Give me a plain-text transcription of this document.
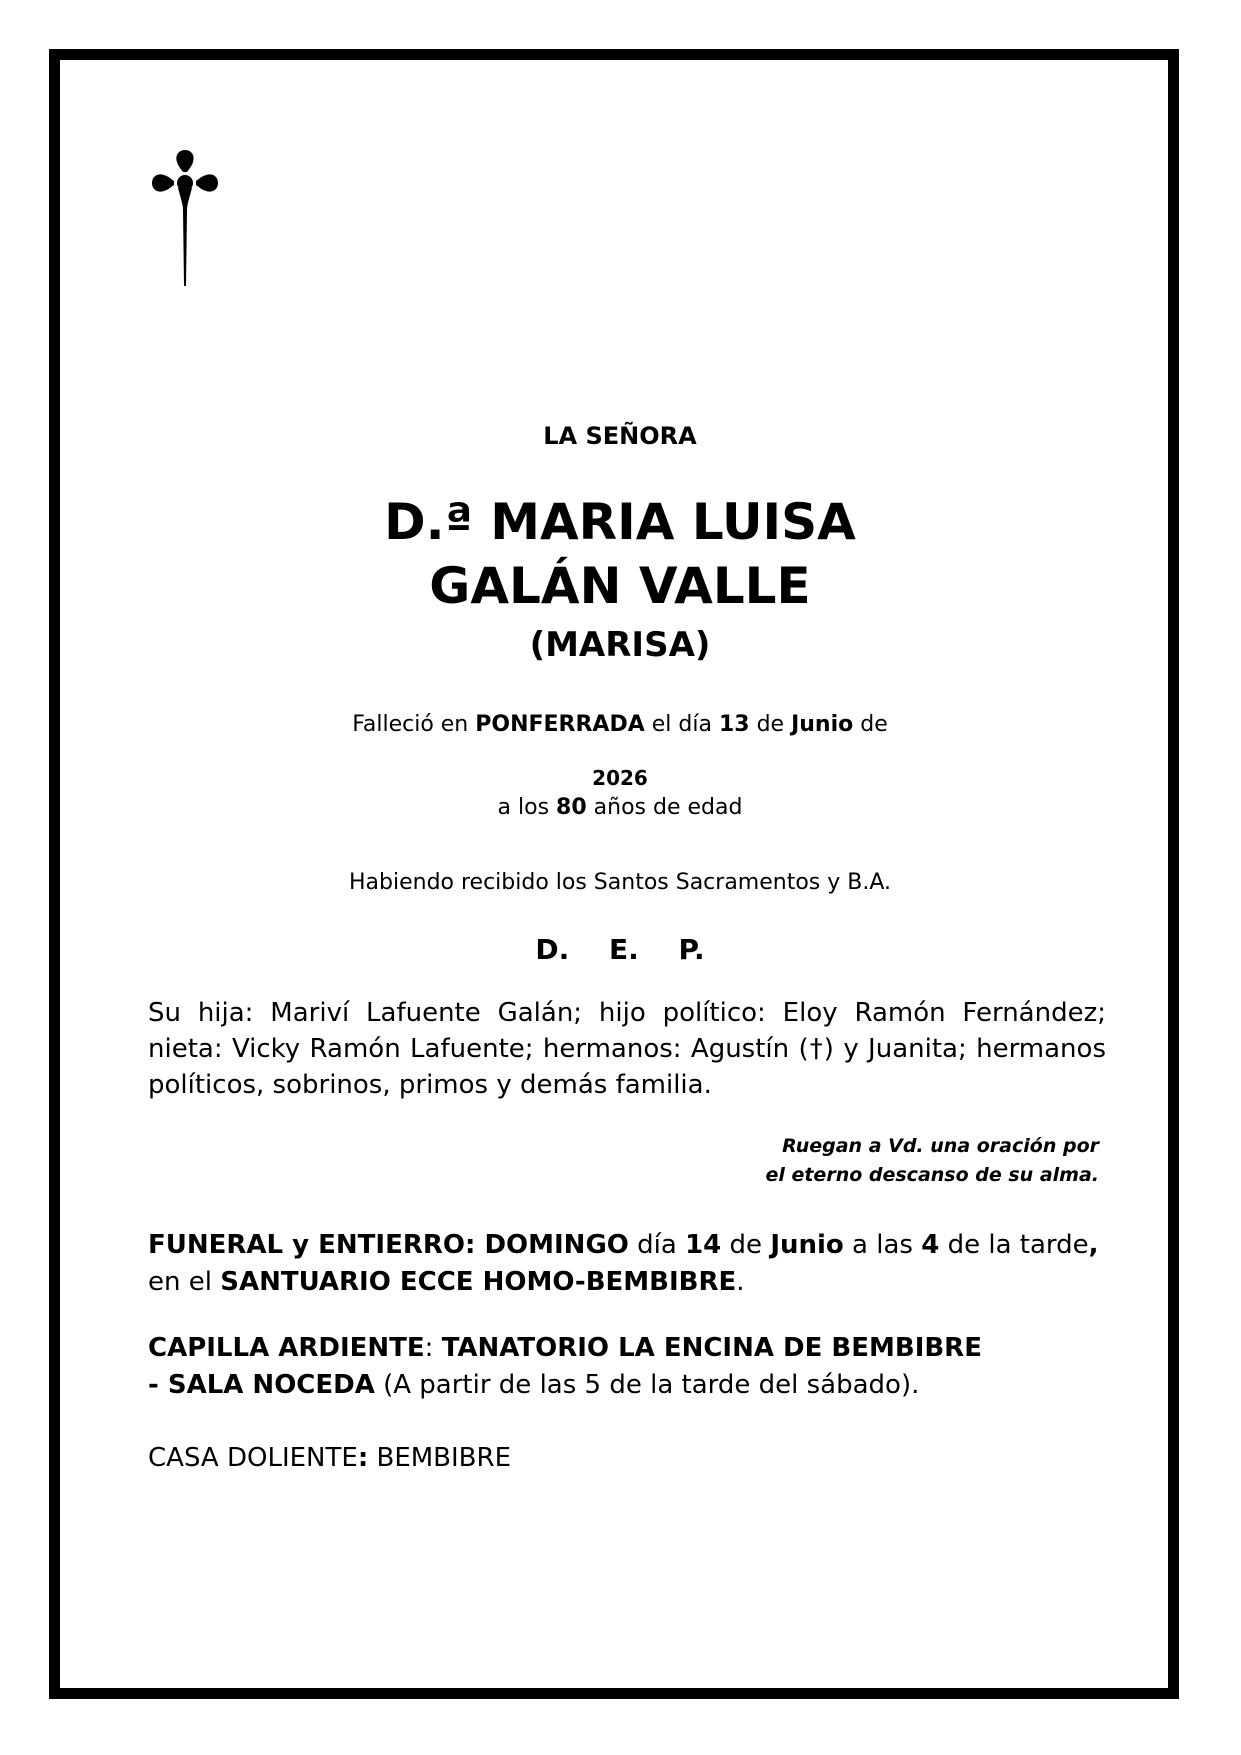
LA SEÑORA
D.ª MARIA LUISA
GALÁN VALLE
(MARISA)
Falleció en PONFERRADA el día 13 de Junio de
2026
a los 80 años de edad
Habiendo recibido los Santos Sacramentos y B.A.
D. E. P.
Su hija: Mariví Lafuente Galán; hijo político: Eloy Ramón Fernández; nieta: Vicky Ramón Lafuente; hermanos: Agustín (†) y Juanita; hermanos políticos, sobrinos, primos y demás familia.
Ruegan a Vd. una oración por
el eterno descanso de su alma.
FUNERAL y ENTIERRO: DOMINGO día 14 de Junio a las 4 de la tarde,
en el SANTUARIO ECCE HOMO-BEMBIBRE.
CAPILLA ARDIENTE: TANATORIO LA ENCINA DE BEMBIBRE
- SALA NOCEDA (A partir de las 5 de la tarde del sábado).
CASA DOLIENTE: BEMBIBRE
